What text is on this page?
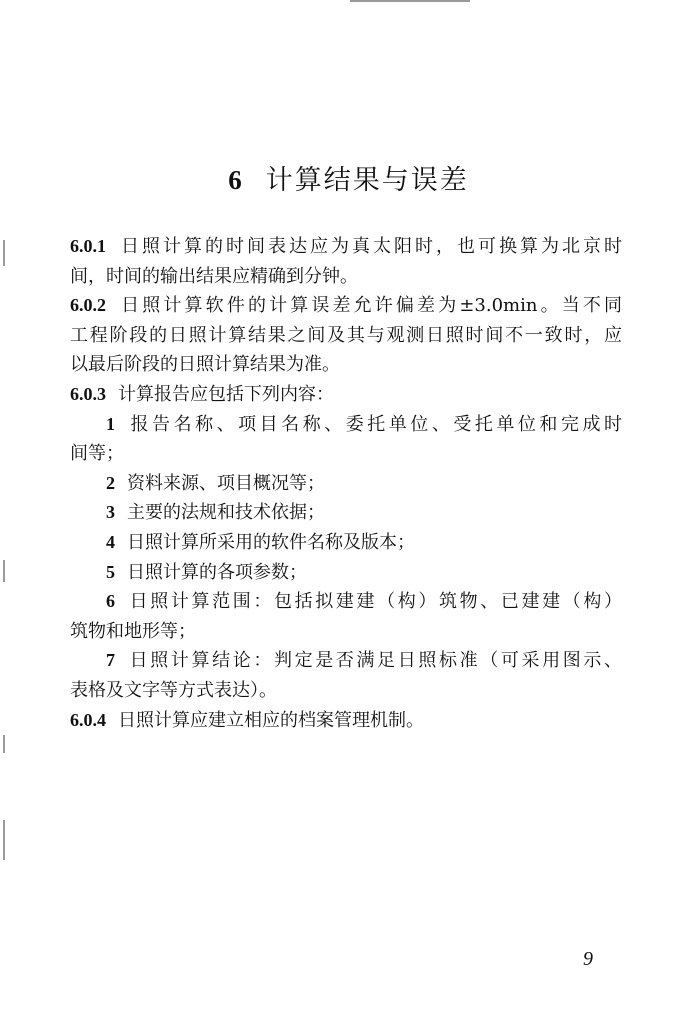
6 计算结果与误差
6.0.1 日照计算的时间表达应为真太阳时，也可换算为北京时
间，时间的输出结果应精确到分钟。
6.0.2 日照计算软件的计算误差允许偏差为±3.0min。当不同
工程阶段的日照计算结果之间及其与观测日照时间不一致时，应
以最后阶段的日照计算结果为准。
6.0.3 计算报告应包括下列内容：
1 报告名称、项目名称、委托单位、受托单位和完成时
间等；
2 资料来源、项目概况等；
3 主要的法规和技术依据；
4 日照计算所采用的软件名称及版本；
5 日照计算的各项参数；
6 日照计算范围：包括拟建建（构）筑物、已建建（构）
筑物和地形等；
7 日照计算结论：判定是否满足日照标准（可采用图示、
表格及文字等方式表达）。
6.0.4 日照计算应建立相应的档案管理机制。
9
